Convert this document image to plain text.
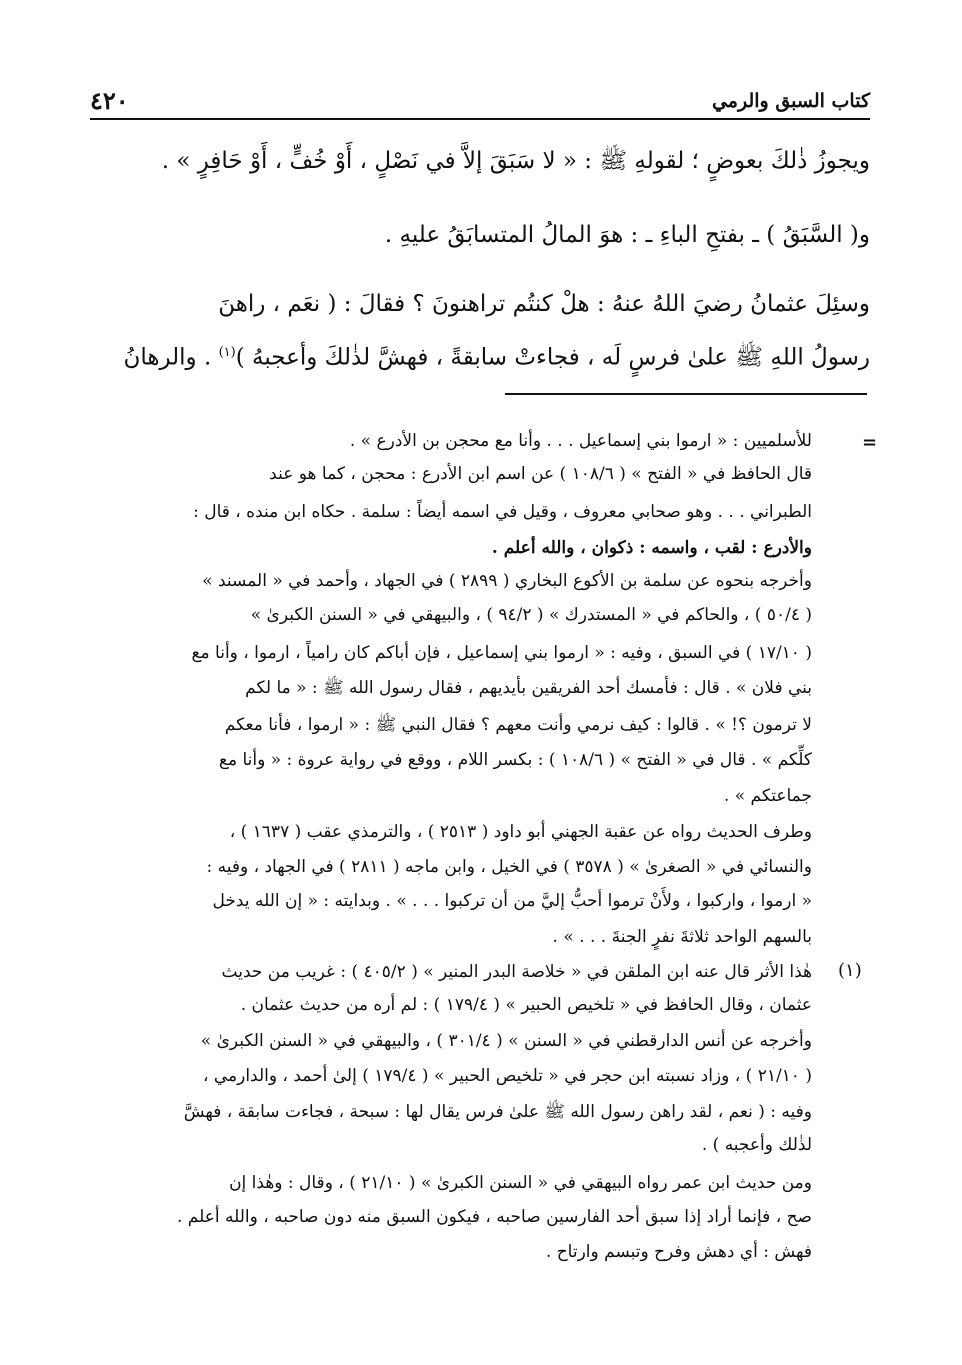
٤٢٠	كتاب السبق والرمي
ويجوزُ ذٰلكَ بعوضٍ ؛ لقولهِ ﷺ : « لا سَبَقَ إلاَّ في نَصْلٍ ، أَوْ خُفٍّ ، أَوْ حَافِرٍ » .
و( السَّبَقُ ) ـ بفتحِ الباءِ ـ : هوَ المالُ المتسابَقُ عليهِ .
وسئِلَ عثمانُ رضيَ اللهُ عنهُ : هلْ كنتُم تراهنونَ ؟ فقالَ : ( نعَم ، راهنَ
رسولُ اللهِ ﷺ علىٰ فرسٍ لَه ، فجاءتْ سابقةً ، فهشَّ لذٰلكَ وأعجبهُ )$^{(١)}$ . والرهانُ
=
(١)
للأسلميين : « ارموا بني إسماعيل . . . وأنا مع محجن بن الأدرع » .
قال الحافظ في « الفتح » ( ١٠٨/٦ ) عن اسم ابن الأدرع : محجن ، كما هو عند
الطبراني . . . وهو صحابي معروف ، وقيل في اسمه أيضاً : سلمة . حكاه ابن منده ، قال :
والأدرع : لقب ، واسمه : ذكوان ، والله أعلم .
وأخرجه بنحوه عن سلمة بن الأكوع البخاري ( ٢٨٩٩ ) في الجهاد ، وأحمد في « المسند »
( ٥٠/٤ ) ، والحاكم في « المستدرك » ( ٩٤/٢ ) ، والبيهقي في « السنن الكبرىٰ »
( ١٧/١٠ ) في السبق ، وفيه : « ارموا بني إسماعيل ، فإن أباكم كان رامياً ، ارموا ، وأنا مع
بني فلان » . قال : فأمسك أحد الفريقين بأيديهم ، فقال رسول الله ﷺ : « ما لكم
لا ترمون ؟! » . قالوا : كيف نرمي وأنت معهم ؟ فقال النبي ﷺ : « ارموا ، فأنا معكم
كلِّكم » . قال في « الفتح » ( ١٠٨/٦ ) : بكسر اللام ، ووقع في رواية عروة : « وأنا مع
جماعتكم » .
وطرف الحديث رواه عن عقبة الجهني أبو داود ( ٢٥١٣ ) ، والترمذي عقب ( ١٦٣٧ ) ،
والنسائي في « الصغرىٰ » ( ٣٥٧٨ ) في الخيل ، وابن ماجه ( ٢٨١١ ) في الجهاد ، وفيه :
« ارموا ، واركبوا ، ولأَنْ ترموا أحبُّ إليَّ من أن تركبوا . . . » . وبدايته : « إن الله يدخل
بالسهم الواحد ثلاثةَ نفرٍ الجنةَ . . . » .
هٰذا الأثر قال عنه ابن الملقن في « خلاصة البدر المنير » ( ٤٠٥/٢ ) : غريب من حديث
عثمان ، وقال الحافظ في « تلخيص الحبير » ( ١٧٩/٤ ) : لم أره من حديث عثمان .
وأخرجه عن أنس الدارقطني في « السنن » ( ٣٠١/٤ ) ، والبيهقي في « السنن الكبرىٰ »
( ٢١/١٠ ) ، وزاد نسبته ابن حجر في « تلخيص الحبير » ( ١٧٩/٤ ) إلىٰ أحمد ، والدارمي ،
وفيه : ( نعم ، لقد راهن رسول الله ﷺ علىٰ فرس يقال لها : سبحة ، فجاءت سابقة ، فهشَّ
لذٰلك وأعجبه ) .
ومن حديث ابن عمر رواه البيهقي في « السنن الكبرىٰ » ( ٢١/١٠ ) ، وقال : وهٰذا إن
صح ، فإنما أراد إذا سبق أحد الفارسين صاحبه ، فيكون السبق منه دون صاحبه ، والله أعلم .
فهش : أي دهش وفرح وتبسم وارتاح .
